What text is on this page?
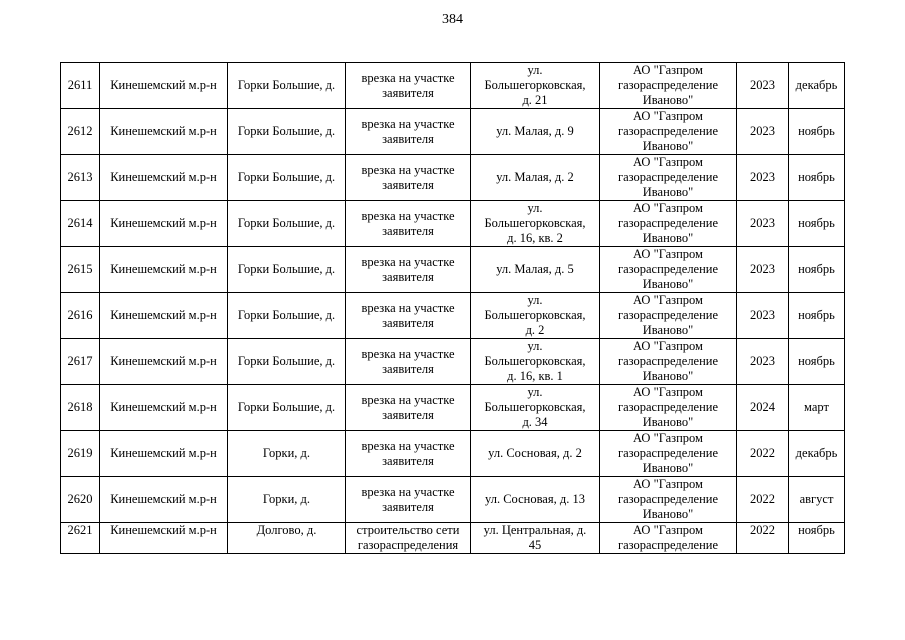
384
2611	Кинешемский м.р-н	Горки Большие, д.	врезка на участке
заявителя	ул.
Большегорковская,
д. 21	АО "Газпром
газораспределение
Иваново"	2023	декабрь
2612	Кинешемский м.р-н	Горки Большие, д.	врезка на участке
заявителя	ул. Малая, д. 9	АО "Газпром
газораспределение
Иваново"	2023	ноябрь
2613	Кинешемский м.р-н	Горки Большие, д.	врезка на участке
заявителя	ул. Малая, д. 2	АО "Газпром
газораспределение
Иваново"	2023	ноябрь
2614	Кинешемский м.р-н	Горки Большие, д.	врезка на участке
заявителя	ул.
Большегорковская,
д. 16, кв. 2	АО "Газпром
газораспределение
Иваново"	2023	ноябрь
2615	Кинешемский м.р-н	Горки Большие, д.	врезка на участке
заявителя	ул. Малая, д. 5	АО "Газпром
газораспределение
Иваново"	2023	ноябрь
2616	Кинешемский м.р-н	Горки Большие, д.	врезка на участке
заявителя	ул.
Большегорковская,
д. 2	АО "Газпром
газораспределение
Иваново"	2023	ноябрь
2617	Кинешемский м.р-н	Горки Большие, д.	врезка на участке
заявителя	ул.
Большегорковская,
д. 16, кв. 1	АО "Газпром
газораспределение
Иваново"	2023	ноябрь
2618	Кинешемский м.р-н	Горки Большие, д.	врезка на участке
заявителя	ул.
Большегорковская,
д. 34	АО "Газпром
газораспределение
Иваново"	2024	март
2619	Кинешемский м.р-н	Горки, д.	врезка на участке
заявителя	ул. Сосновая, д. 2	АО "Газпром
газораспределение
Иваново"	2022	декабрь
2620	Кинешемский м.р-н	Горки, д.	врезка на участке
заявителя	ул. Сосновая, д. 13	АО "Газпром
газораспределение
Иваново"	2022	август
2621	Кинешемский м.р-н	Долгово, д.	строительство сети
газораспределения	ул. Центральная, д.
45	АО "Газпром
газораспределение	2022	ноябрь
